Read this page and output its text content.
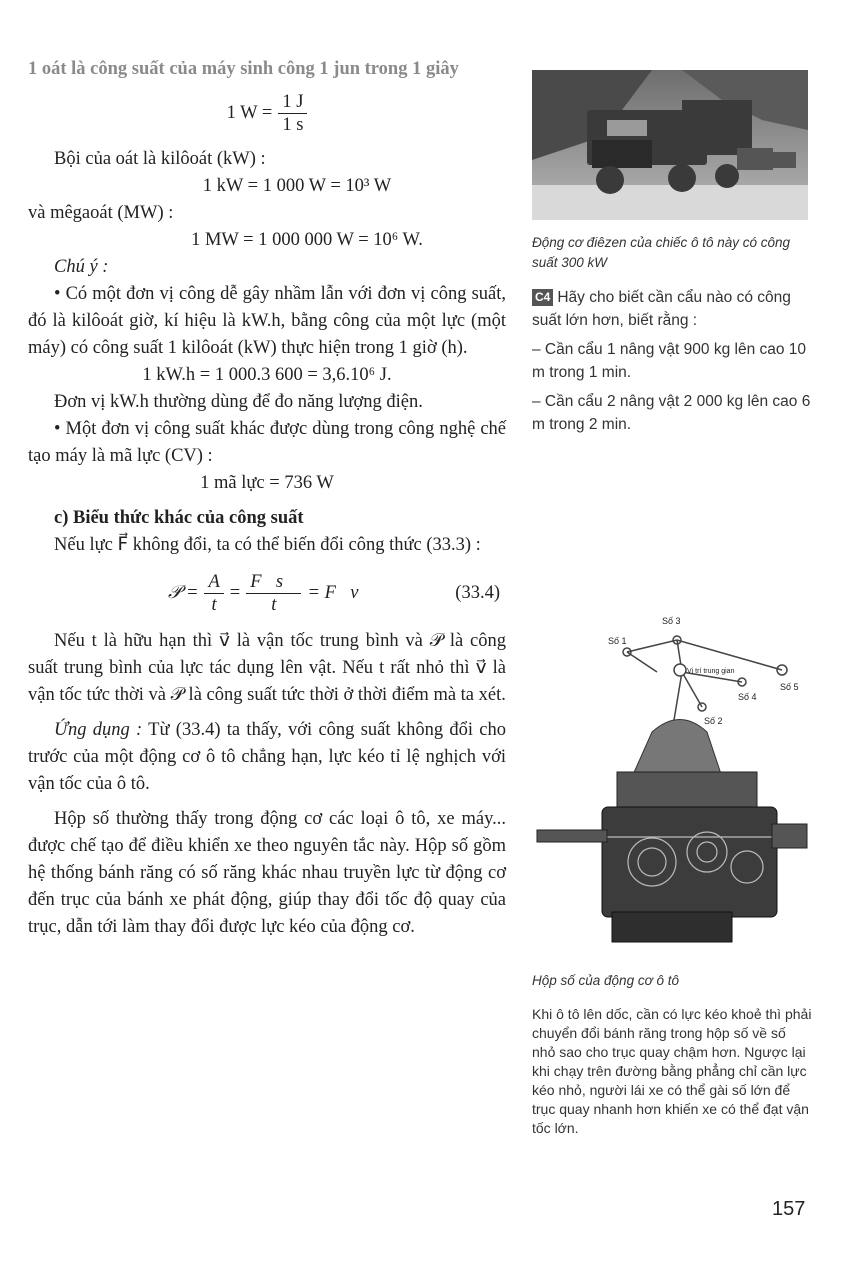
1 oát là công suất của máy sinh công 1 jun trong 1 giây

1 $W = \frac{1 J}{1 s}$

Bội của oát là kilôoát (kW) :

1 kW = 1 000 W = 10³ W

và mêgaoát (MW) :

1 MW = 1 000 000 W = 10⁶ W.

Chú ý :

• Có một đơn vị công dễ gây nhầm lẫn với đơn vị công suất, đó là kilôoát giờ, kí hiệu là kW.h, bằng công của một lực (một máy) có công suất 1 kilôoát (kW) thực hiện trong 1 giờ (h).

1 kW.h = 1 000.3 600 = 3,6.10⁶ J.

Đơn vị kW.h thường dùng để đo năng lượng điện.

• Một đơn vị công suất khác được dùng trong công nghệ chế tạo máy là mã lực (CV) :

1 mã lực = 736 W

c) Biểu thức khác của công suất

Nếu lực F⃗ không đổi, ta có thể biến đổi công thức (33.3) :

𝒫 = $\frac{A}{t} = \frac{F⃗s⃗}{t}$ = F⃗v⃗	(33.4)

Nếu t là hữu hạn thì v⃗ là vận tốc trung bình và 𝒫 là công suất trung bình của lực tác dụng lên vật. Nếu t rất nhỏ thì v⃗ là vận tốc tức thời và 𝒫 là công suất tức thời ở thời điểm mà ta xét.

Ứng dụng : Từ (33.4) ta thấy, với công suất không đổi cho trước của một động cơ ô tô chẳng hạn, lực kéo tỉ lệ nghịch với vận tốc của ô tô.

Hộp số thường thấy trong động cơ các loại ô tô, xe máy... được chế tạo để điều khiển xe theo nguyên tắc này. Hộp số gồm hệ thống bánh răng có số răng khác nhau truyền lực từ động cơ đến trục của bánh xe phát động, giúp thay đổi tốc độ quay của trục, dẫn tới làm thay đổi được lực kéo của động cơ.

Động cơ điêzen của chiếc ô tô này có công suất 300 kW

C4 Hãy cho biết cần cẩu nào có công suất lớn hơn, biết rằng :

– Cần cẩu 1 nâng vật 900 kg lên cao 10 m trong 1 min.

– Cần cẩu 2 nâng vật 2 000 kg lên cao 6 m trong 2 min.

Số 3
Số 1
Vị trí trung gian
Số 4
Số 5
Số 2

Hộp số của động cơ ô tô

Khi ô tô lên dốc, cần có lực kéo khoẻ thì phải chuyển đổi bánh răng trong hộp số về số nhỏ sao cho trục quay chậm hơn. Ngược lại khi chạy trên đường bằng phẳng chỉ cần lực kéo nhỏ, người lái xe có thể gài số lớn để trục quay nhanh hơn khiến xe có thể đạt vận tốc lớn.

157
